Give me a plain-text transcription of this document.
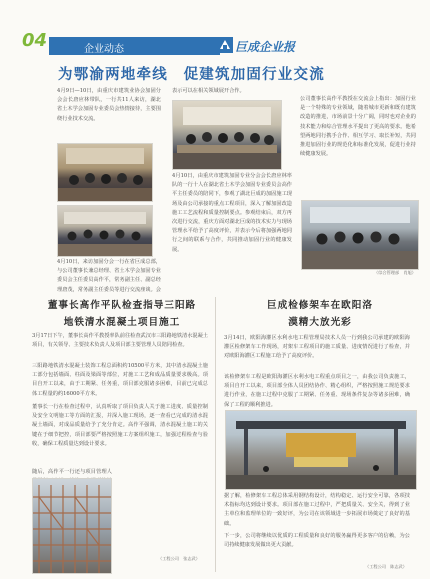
04	企业动态	巨成企业报
为鄂渝两地牵线　促建筑加固行业交流

4月9日—10日，由重庆市建筑业协会加固分会会长唐应林带队，一行共11人来访，湖北省土木学会加固专业委员会热情接待，主要围绕行业技术交流。

4月10日，来访加固分会一行在省巨成总部，与公司董事长兼总经理、省土木学会加固专业委员会主任委员高作平，常务副主任、副总经理唐茂，常务副主任委员等进行交流座谈。会

表示可以在相关领域展开合作。

4月10日，由重庆市建筑加固专业分会会长唐应林率队的一行十人在湖北省土木学会加固专业委员会高作平主任委员的陪同下，参观了湖北巨成的加固施工现场及由公司承接的重点工程项目，深入了解加固改造施工工艺流程和质量控制要点。参观结束后，双方再次进行交流，重庆方面对湖北巨成的技术实力与现场管理水平给予了高度评价，并表示今后将加强两地同行之间的联系与合作，共同推动加固行业的健康发展。

公司董事长高作平教授在交流会上指出：加固行业是一个特殊的专业领域，随着城市更新和既有建筑改造的推进，市场前景十分广阔，同时也对企业的技术能力和综合管理水平提出了更高的要求。他希望两地同行携手合作、相互学习、取长补短，共同推进加固行业的规范化和标准化发展，促进行业持续健康发展。

（综合管理部　肖旭）
董事长高作平队检查指导三阳路
地铁清水混凝土项目施工

3月17日下午，董事长高作平教授率队前往检查武汉市三阳路地铁清水混凝土项目，有关领导、主要技术负责人及项目部主要管理人员陪同检查。

三阳路地铁清水混凝土装饰工程总面积约10500平方米，其中清水混凝土施工部分包括墙面、柱面及梁面等部位，对施工工艺和成品质量要求极高。项目自开工以来，由于工期紧、任务重，项目部克服诸多困难，目前已完成总体工程量的约16000平方米。

董事长一行在检查过程中，认真听取了项目负责人关于施工进度、质量控制及安全文明施工等方面的汇报，并深入施工现场，逐一查看已完成的清水混凝土墙面，对成品质量给予了充分肯定。高作平强调，清水混凝土施工的关键在于细节把控，项目部要严格按照施工方案组织施工，加强过程检查与验收，确保工程质量达到设计要求。

随后，高作平一行还与项目管理人

（工程公司　张志武）
巨成检修架车在欧阳洛
漠精大放光彩

3月14日，欧阳海灌区水利水电工程管理局技术人员一行到我公司承建的欧阳海灌区检修架车工作现场，对架车工程项目的施工质量、进度情况进行了检查，并对欧阳海灌区工程施工给予了高度评价。

该检修架车工程是欧阳海灌区水利水电工程重点项目之一，由我公司负责施工，项目自开工以来，项目部全体人员团结协作、精心组织，严格按照施工规范要求进行作业，在施工过程中克服了工期紧、任务重、现场条件复杂等诸多困难，确保了工程的顺利推进。

据了解，检修架车工程总体采用钢结构设计，结构稳定、运行安全可靠，各项技术指标均达到设计要求。项目部在施工过程中，严把质量关、安全关，得到了业主单位和监理单位的一致好评，为公司在该领域进一步拓展市场奠定了良好的基础。

下一步，公司将继续以优质的工程质量和良好的服务赢得更多客户的信赖，为公司持续健康发展做出更大贡献。

（工程公司　陈志武）
